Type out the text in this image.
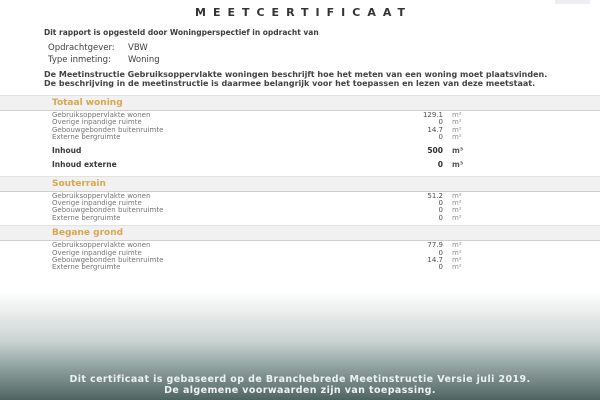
MEETCERTIFICAAT
Dit rapport is opgesteld door Woningperspectief in opdracht van
Opdrachtgever:	VBW
Type inmeting:	Woning

De Meetinstructie Gebruiksoppervlakte woningen beschrijft hoe het meten van een woning moet plaatsvinden.
De beschrijving in de meetinstructie is daarmee belangrijk voor het toepassen en lezen van deze meetstaat.

Totaal woning
Gebruiksoppervlakte wonen	129.1 m²
Overige inpandige ruimte	0 m²
Gebouwgebonden buitenruimte	14.7 m²
Externe bergruimte	0 m²
Inhoud	500 m³
Inhoud externe	0 m³
Souterrain
Gebruiksoppervlakte wonen	51.2 m²
Overige inpandige ruimte	0 m²
Gebouwgebonden buitenruimte	0 m²
Externe bergruimte	0 m²
Begane grond
Gebruiksoppervlakte wonen	77.9 m²
Overige inpandige ruimte	0 m²
Gebouwgebonden buitenruimte	14.7 m²
Externe bergruimte	0 m²
Dit certificaat is gebaseerd op de Branchebrede Meetinstructie Versie juli 2019.
De algemene voorwaarden zijn van toepassing.
